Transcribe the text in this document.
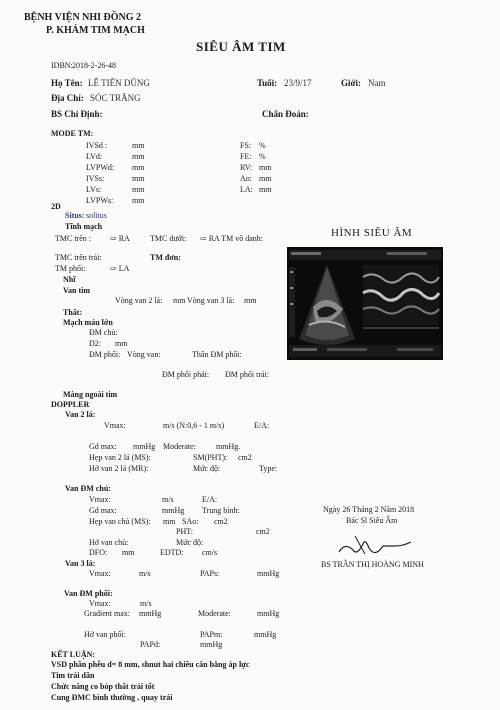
BỆNH VIỆN NHI ĐỒNG 2
P. KHÁM TIM MẠCH
SIÊU ÂM TIM
IDBN: 2018-2-26-48
Họ Tên: LÊ TIẾN DŨNG	Tuổi: 23/9/17	Giới: Nam
Địa Chỉ: SÓC TRĂNG
BS Chỉ Định:	Chẩn Đoán:
MODE TM:
IVSd :	mm
LVd:	mm
LVPWd: mm
IVSs:	mm
LVs:	mm
LVPWs: mm
FS: %
FE: %
RV: mm
Ao: mm
LA: mm
2D
Situs: solitus
Tĩnh mạch
TMC trên : ⇨ RA	TMC dưới: ⇨ RA TM vô danh:
TMC trên trái:	TM đơn:
TM phổi:	⇨ LA
Nhĩ
Van tim
Vòng van 2 lá: mm Vòng van 3 lá: mm
Thất:
Mạch máu lớn
ĐM chủ:
D2: mm
ĐM phổi: Vòng van:	Thân ĐM phổi:
ĐM phổi phải: ĐM phổi trái:
Màng ngoài tim
DOPPLER
Van 2 lá:
Vmax:	m/s (N:0,6 - 1 m/s)	E/A:
Gd max: mmHg Moderate:	mmHg.
Hẹp van 2 lá (MS):	SM(PHT): cm2
Hở van 2 lá (MR):	Mức độ:	Type:
Van ĐM chủ:
Vmax:	m/s	E/A:
Gd max:	mmHg Trung bình:
Hẹp van chủ (MS): mm SAo: cm2
PHT:	cm2
Hở van chủ:	Mức độ:
DFO: mm	EDTD: cm/s
Van 3 lá:
Vmax:	m/s	PAPs:	mmHg
Van ĐM phổi:
Vmax:	m/s
Gradient max: mmHg	Moderate:	mmHg
Hở van phổi:	PAPm:	mmHg
PAPd:	mmHg
KẾT LUẬN:
VSD phần phễu d= 8 mm, shnut hai chiều cân bằng áp lực
Tim trái dãn
Chức năng co bóp thất trái tốt
Cung ĐMC bình thường , quay trái
HÌNH SIÊU ÂM
Ngày 26 Tháng 2 Năm 2018
Bác Sĩ Siêu Âm
BS TRẦN THỊ HOÀNG MINH
